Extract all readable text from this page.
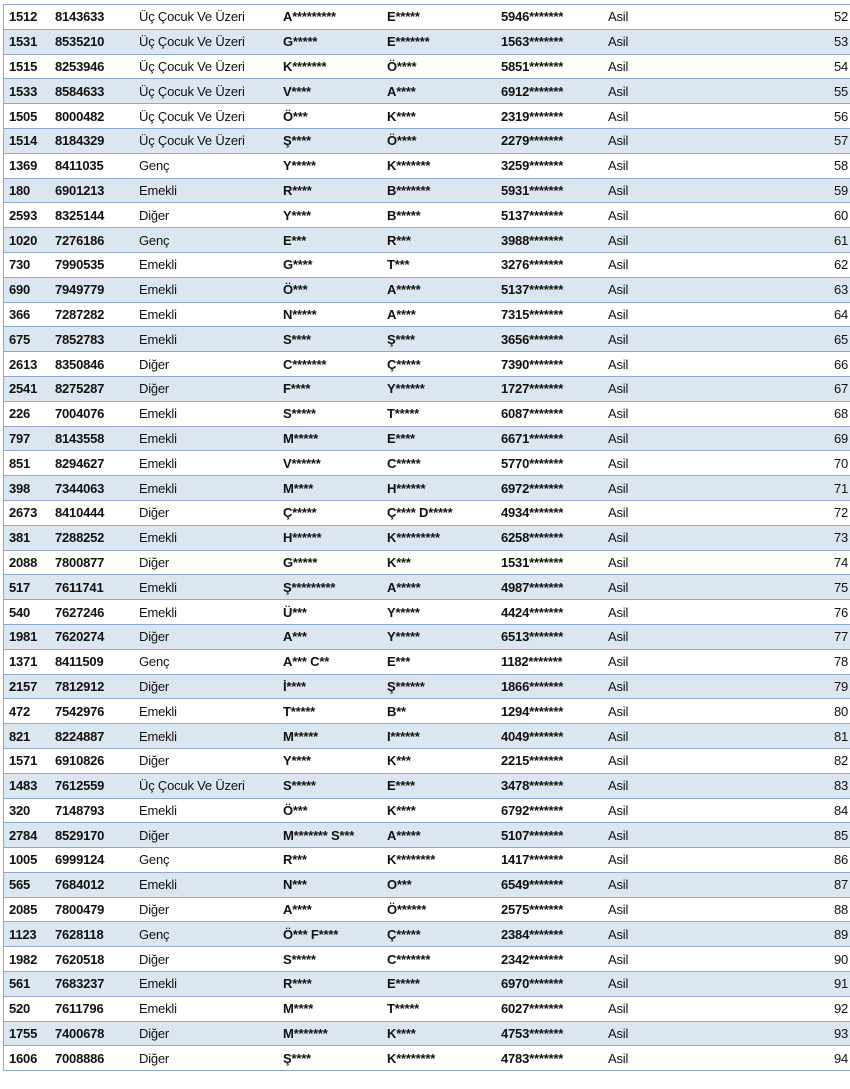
1512	8143633	Üç Çocuk Ve Üzeri	A*********	E*****	5946*******	Asil	52
1531	8535210	Üç Çocuk Ve Üzeri	G*****	E*******	1563*******	Asil	53
1515	8253946	Üç Çocuk Ve Üzeri	K*******	Ö****	5851*******	Asil	54
1533	8584633	Üç Çocuk Ve Üzeri	V****	A****	6912*******	Asil	55
1505	8000482	Üç Çocuk Ve Üzeri	Ö***	K****	2319*******	Asil	56
1514	8184329	Üç Çocuk Ve Üzeri	Ş****	Ö****	2279*******	Asil	57
1369	8411035	Genç	Y*****	K*******	3259*******	Asil	58
180	6901213	Emekli	R****	B*******	5931*******	Asil	59
2593	8325144	Diğer	Y****	B*****	5137*******	Asil	60
1020	7276186	Genç	E***	R***	3988*******	Asil	61
730	7990535	Emekli	G****	T***	3276*******	Asil	62
690	7949779	Emekli	Ö***	A*****	5137*******	Asil	63
366	7287282	Emekli	N*****	A****	7315*******	Asil	64
675	7852783	Emekli	S****	Ş****	3656*******	Asil	65
2613	8350846	Diğer	C*******	Ç*****	7390*******	Asil	66
2541	8275287	Diğer	F****	Y******	1727*******	Asil	67
226	7004076	Emekli	S*****	T*****	6087*******	Asil	68
797	8143558	Emekli	M*****	E****	6671*******	Asil	69
851	8294627	Emekli	V******	C*****	5770*******	Asil	70
398	7344063	Emekli	M****	H******	6972*******	Asil	71
2673	8410444	Diğer	Ç*****	Ç**** D*****	4934*******	Asil	72
381	7288252	Emekli	H******	K*********	6258*******	Asil	73
2088	7800877	Diğer	G*****	K***	1531*******	Asil	74
517	7611741	Emekli	Ş*********	A*****	4987*******	Asil	75
540	7627246	Emekli	Ü***	Y*****	4424*******	Asil	76
1981	7620274	Diğer	A***	Y*****	6513*******	Asil	77
1371	8411509	Genç	A*** C**	E***	1182*******	Asil	78
2157	7812912	Diğer	İ****	Ş******	1866*******	Asil	79
472	7542976	Emekli	T*****	B**	1294*******	Asil	80
821	8224887	Emekli	M*****	I******	4049*******	Asil	81
1571	6910826	Diğer	Y****	K***	2215*******	Asil	82
1483	7612559	Üç Çocuk Ve Üzeri	S*****	E****	3478*******	Asil	83
320	7148793	Emekli	Ö***	K****	6792*******	Asil	84
2784	8529170	Diğer	M******* S***	A*****	5107*******	Asil	85
1005	6999124	Genç	R***	K********	1417*******	Asil	86
565	7684012	Emekli	N***	O***	6549*******	Asil	87
2085	7800479	Diğer	A****	Ö******	2575*******	Asil	88
1123	7628118	Genç	Ö*** F****	Ç*****	2384*******	Asil	89
1982	7620518	Diğer	S*****	C*******	2342*******	Asil	90
561	7683237	Emekli	R****	E*****	6970*******	Asil	91
520	7611796	Emekli	M****	T*****	6027*******	Asil	92
1755	7400678	Diğer	M*******	K****	4753*******	Asil	93
1606	7008886	Diğer	Ş****	K********	4783*******	Asil	94
